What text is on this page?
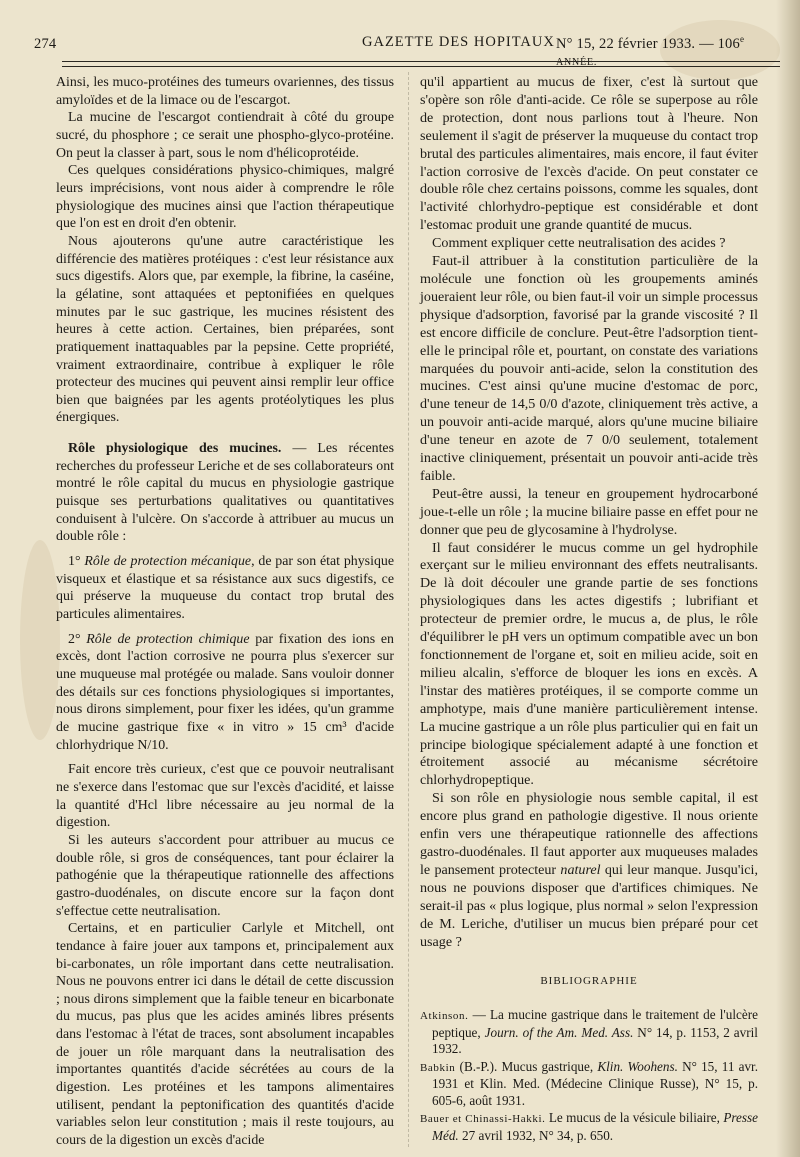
274	GAZETTE DES HOPITAUX N° 15, 22 février 1933. — 106e ANNÉE.

Ainsi, les muco-protéines des tumeurs ovariennes, des tissus amyloïdes et de la limace ou de l'escargot.

La mucine de l'escargot contiendrait à côté du groupe sucré, du phosphore ; ce serait une phospho-glyco-protéine. On peut la classer à part, sous le nom d'hélicoprotéide.

Ces quelques considérations physico-chimiques, malgré leurs imprécisions, vont nous aider à comprendre le rôle physiologique des mucines ainsi que l'action thérapeutique que l'on est en droit d'en obtenir.

Nous ajouterons qu'une autre caractéristique les différencie des matières protéiques : c'est leur résistance aux sucs digestifs. Alors que, par exemple, la fibrine, la caséine, la gélatine, sont attaquées et peptonifiées en quelques minutes par le suc gastrique, les mucines résistent des heures à cette action. Certaines, bien préparées, sont pratiquement inattaquables par la pepsine. Cette propriété, vraiment extraordinaire, contribue à expliquer le rôle protecteur des mucines qui peuvent ainsi remplir leur office bien que baignées par les agents protéolytiques les plus énergiques.

Rôle physiologique des mucines. — Les récentes recherches du professeur Leriche et de ses collaborateurs ont montré le rôle capital du mucus en physiologie gastrique puisque ses perturbations qualitatives ou quantitatives conduisent à l'ulcère. On s'accorde à attribuer au mucus un double rôle :

1° Rôle de protection mécanique, de par son état physique visqueux et élastique et sa résistance aux sucs digestifs, ce qui préserve la muqueuse du contact trop brutal des particules alimentaires.

2° Rôle de protection chimique par fixation des ions en excès, dont l'action corrosive ne pourra plus s'exercer sur une muqueuse mal protégée ou malade. Sans vouloir donner des détails sur ces fonctions physiologiques si importantes, nous dirons simplement, pour fixer les idées, qu'un gramme de mucine gastrique fixe « in vitro » 15 cm³ d'acide chlorhydrique N/10.

Fait encore très curieux, c'est que ce pouvoir neutralisant ne s'exerce dans l'estomac que sur l'excès d'acidité, et laisse la quantité d'Hcl libre nécessaire au jeu normal de la digestion.

Si les auteurs s'accordent pour attribuer au mucus ce double rôle, si gros de conséquences, tant pour éclairer la pathogénie que la thérapeutique rationnelle des affections gastro-duodénales, on discute encore sur la façon dont s'effectue cette neutralisation.

Certains, et en particulier Carlyle et Mitchell, ont tendance à faire jouer aux tampons et, principalement aux bi-carbonates, un rôle important dans cette neutralisation. Nous ne pouvons entrer ici dans le détail de cette discussion ; nous dirons simplement que la faible teneur en bicarbonate du mucus, pas plus que les acides aminés libres présents dans l'estomac à l'état de traces, sont absolument incapables de jouer un rôle marquant dans la neutralisation des importantes quantités d'acide sécrétées au cours de la digestion. Les protéines et les tampons alimentaires utilisent, pendant la peptonification des quantités d'acide variables selon leur constitution ; mais il reste toujours, au cours de la digestion un excès d'acide

qu'il appartient au mucus de fixer, c'est là surtout que s'opère son rôle d'anti-acide. Ce rôle se superpose au rôle de protection, dont nous parlions tout à l'heure. Non seulement il s'agit de préserver la muqueuse du contact trop brutal des particules alimentaires, mais encore, il faut éviter l'action corrosive de l'excès d'acide. On peut constater ce double rôle chez certains poissons, comme les squales, dont l'activité chlorhydro-peptique est considérable et dont l'estomac produit une grande quantité de mucus.

Comment expliquer cette neutralisation des acides ?

Faut-il attribuer à la constitution particulière de la molécule une fonction où les groupements aminés joueraient leur rôle, ou bien faut-il voir un simple processus physique d'adsorption, favorisé par la grande viscosité ? Il est encore difficile de conclure. Peut-être l'adsorption tient-elle le principal rôle et, pourtant, on constate des variations marquées du pouvoir anti-acide, selon la constitution des mucines. C'est ainsi qu'une mucine d'estomac de porc, d'une teneur de 14,5 0/0 d'azote, cliniquement très active, a un pouvoir anti-acide marqué, alors qu'une mucine biliaire d'une teneur en azote de 7 0/0 seulement, totalement inactive cliniquement, présentait un pouvoir anti-acide très faible.

Peut-être aussi, la teneur en groupement hydrocarboné joue-t-elle un rôle ; la mucine biliaire passe en effet pour ne donner que peu de glycosamine à l'hydrolyse.

Il faut considérer le mucus comme un gel hydrophile exerçant sur le milieu environnant des effets neutralisants. De là doit découler une grande partie de ses fonctions physiologiques dans les actes digestifs ; lubrifiant et protecteur de premier ordre, le mucus a, de plus, le rôle d'équilibrer le pH vers un optimum compatible avec un bon fonctionnement de l'organe et, soit en milieu acide, soit en milieu alcalin, s'efforce de bloquer les ions en excès. A l'instar des matières protéiques, il se comporte comme un amphotype, mais d'une manière particulièrement intense. La mucine gastrique a un rôle plus particulier qui en fait un principe biologique spécialement adapté à une fonction et étroitement associé au mécanisme sécrétoire chlorhydropeptique.

Si son rôle en physiologie nous semble capital, il est encore plus grand en pathologie digestive. Il nous oriente enfin vers une thérapeutique rationnelle des affections gastro-duodénales. Il faut apporter aux muqueuses malades le pansement protecteur naturel qui leur manque. Jusqu'ici, nous ne pouvions disposer que d'artifices chimiques. Ne serait-il pas « plus logique, plus normal » selon l'expression de M. Leriche, d'utiliser un mucus bien préparé pour cet usage ?

BIBLIOGRAPHIE

Atkinson. — La mucine gastrique dans le traitement de l'ulcère peptique, Journ. of the Am. Med. Ass. N° 14, p. 1153, 2 avril 1932.

Babkin (B.-P.). Mucus gastrique, Klin. Woohens. N° 15, 11 avr. 1931 et Klin. Med. (Médecine Clinique Russe), N° 15, p. 605-6, août 1931.

Bauer et Chinassi-Hakki. Le mucus de la vésicule biliaire, Presse Méd. 27 avril 1932, N° 34, p. 650.
